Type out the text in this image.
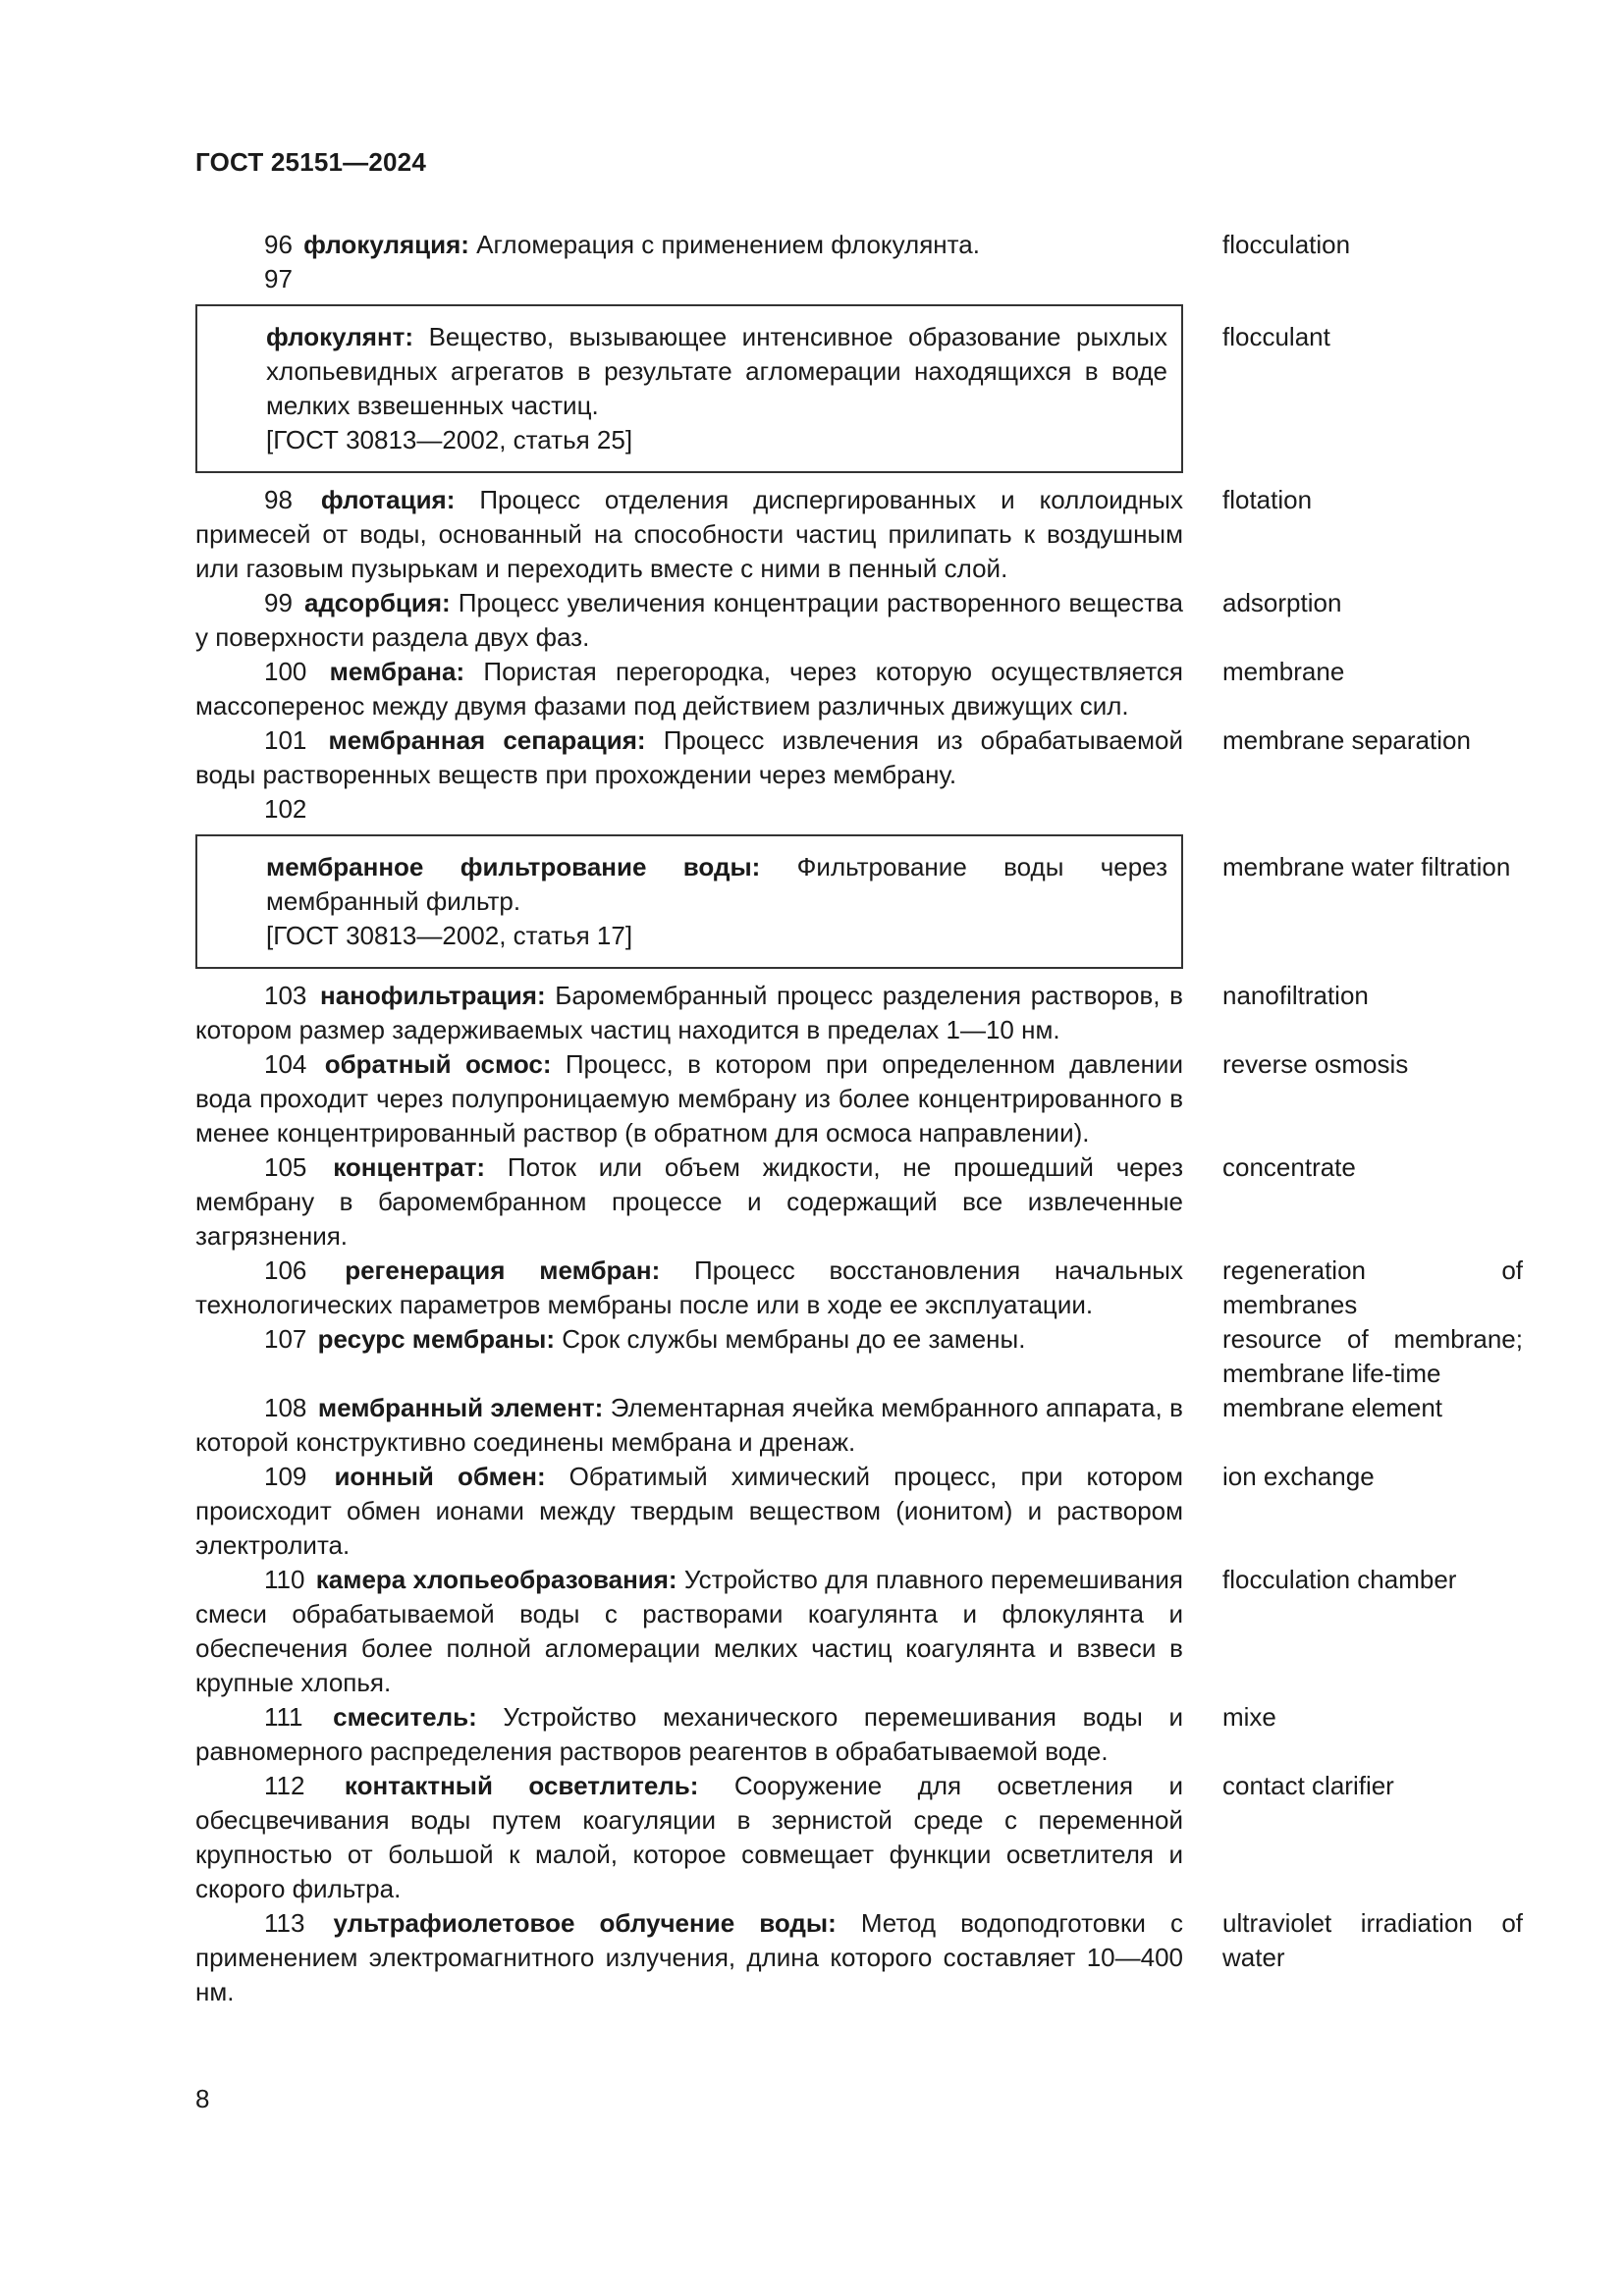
ГОСТ 25151—2024
96 флокуляция: Агломерация с применением флокулянта.	flocculation
97
флокулянт: Вещество, вызывающее интенсивное образование рыхлых хлопьевидных агрегатов в результате агломерации находящихся в воде мелких взвешенных частиц.
[ГОСТ 30813—2002, статья 25]
flocculant
98 флотация: Процесс отделения диспергированных и коллоидных примесей от воды, основанный на способности частиц прилипать к воздушным или газовым пузырькам и переходить вместе с ними в пенный слой.
flotation
99 адсорбция: Процесс увеличения концентрации растворенного вещества у поверхности раздела двух фаз.
adsorption
100 мембрана: Пористая перегородка, через которую осуществляется массоперенос между двумя фазами под действием различных движущих сил.
membrane
101 мембранная сепарация: Процесс извлечения из обрабатываемой воды растворенных веществ при прохождении через мембрану.
membrane separation
102
мембранное фильтрование воды: Фильтрование воды через мембранный фильтр.
[ГОСТ 30813—2002, статья 17]
membrane water filtration
103 нанофильтрация: Баромембранный процесс разделения растворов, в котором размер задерживаемых частиц находится в пределах 1—10 нм.
nanofiltration
104 обратный осмос: Процесс, в котором при определенном давлении вода проходит через полупроницаемую мембрану из более концентрированного в менее концентрированный раствор (в обратном для осмоса направлении).
reverse osmosis
105 концентрат: Поток или объем жидкости, не прошедший через мембрану в баромембранном процессе и содержащий все извлеченные загрязнения.
concentrate
106 регенерация мембран: Процесс восстановления начальных технологических параметров мембраны после или в ходе ее эксплуатации.
regeneration of membranes
107 ресурс мембраны: Срок службы мембраны до ее замены.	resource of membrane; membrane life-time
108 мембранный элемент: Элементарная ячейка мембранного аппарата, в которой конструктивно соединены мембрана и дренаж.
membrane element
109 ионный обмен: Обратимый химический процесс, при котором происходит обмен ионами между твердым веществом (ионитом) и раствором электролита.
ion exchange
110 камера хлопьеобразования: Устройство для плавного перемешивания смеси обрабатываемой воды с растворами коагулянта и флокулянта и обеспечения более полной агломерации мелких частиц коагулянта и взвеси в крупные хлопья.
flocculation chamber
111 смеситель: Устройство механического перемешивания воды и равномерного распределения растворов реагентов в обрабатываемой воде.
mixe
112 контактный осветлитель: Сооружение для осветления и обесцвечивания воды путем коагуляции в зернистой среде с переменной крупностью от большой к малой, которое совмещает функции осветлителя и скорого фильтра.
contact clarifier
113 ультрафиолетовое облучение воды: Метод водоподготовки с применением электромагнитного излучения, длина которого составляет 10—400 нм.
ultraviolet irradiation of water
8
